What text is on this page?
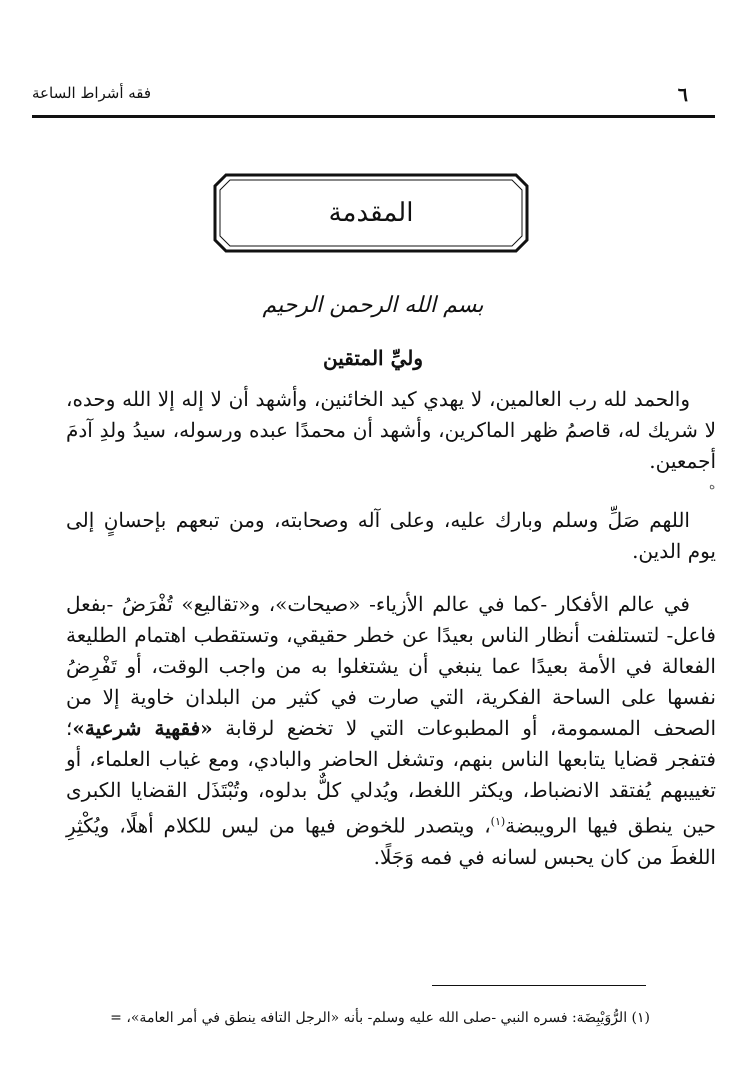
فقه أشراط الساعة	٦
المقدمة
بسم الله الرحمن الرحيم
وليِّ المتقين
والحمد لله رب العالمين، لا يهدي كيد الخائنين، وأشهد أن لا إله إلا الله وحده، لا شريك له، قاصمُ ظهر الماكرين، وأشهد أن محمدًا عبده ورسوله، سيدُ ولدِ آدمَ أجمعين.
ه
اللهم صَلِّ وسلم وبارك عليه، وعلى آله وصحابته، ومن تبعهم بإحسانٍ إلى يوم الدين.
في عالم الأفكار -كما في عالم الأزياء- «صيحات»، و«تقاليع» تُفْرَضُ -بفعل فاعل- لتستلفت أنظار الناس بعيدًا عن خطر حقيقي، وتستقطب اهتمام الطليعة الفعالة في الأمة بعيدًا عما ينبغي أن يشتغلوا به من واجب الوقت، أو تَفْرِضُ نفسها على الساحة الفكرية، التي صارت في كثير من البلدان خاوية إلا من الصحف المسمومة، أو المطبوعات التي لا تخضع لرقابة «فقهية شرعية»؛ فتفجر قضايا يتابعها الناس بنهم، وتشغل الحاضر والبادي، ومع غياب العلماء، أو تغييبهم يُفتقد الانضباط، ويكثر اللغط، ويُدلي كلٌّ بدلوه، وتُبْتَذَل القضايا الكبرى حين ينطق فيها الرويبضة$^{(١)}$، ويتصدر للخوض فيها من ليس للكلام أهلًا، ويُكْثِرِ اللغطَ من كان يحبس لسانه في فمه وَجَلًا.
(١) الرُّوَيْبِضَة: فسره النبي -صلى الله عليه وسلم- بأنه «الرجل التافه ينطق في أمر العامة»، =
